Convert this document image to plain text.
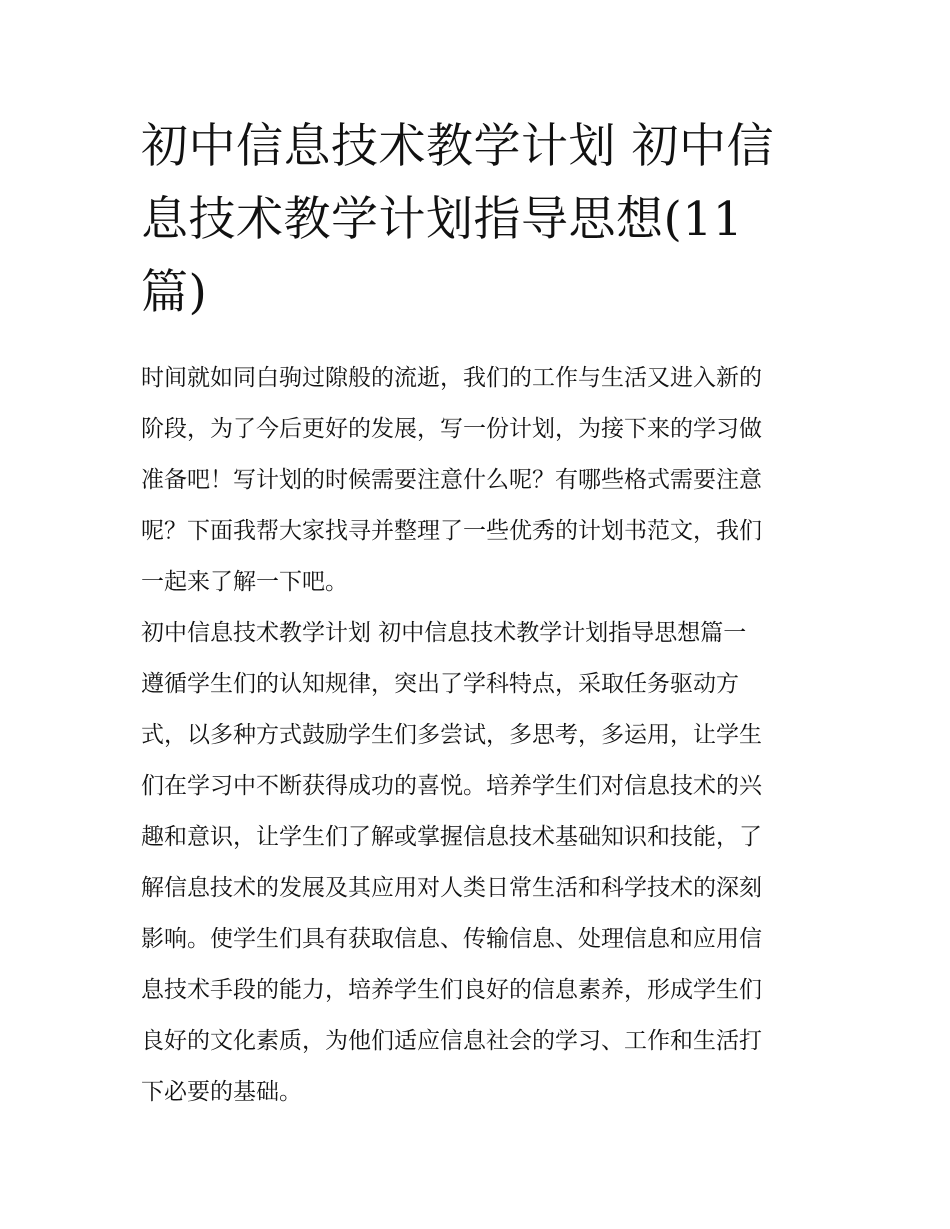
初中信息技术教学计划 初中信
息技术教学计划指导思想(11
篇)

时间就如同白驹过隙般的流逝，我们的工作与生活又进入新的
阶段，为了今后更好的发展，写一份计划，为接下来的学习做
准备吧！写计划的时候需要注意什么呢？有哪些格式需要注意
呢？下面我帮大家找寻并整理了一些优秀的计划书范文，我们
一起来了解一下吧。

初中信息技术教学计划 初中信息技术教学计划指导思想篇一

遵循学生们的认知规律，突出了学科特点，采取任务驱动方
式，以多种方式鼓励学生们多尝试，多思考，多运用，让学生
们在学习中不断获得成功的喜悦。培养学生们对信息技术的兴
趣和意识，让学生们了解或掌握信息技术基础知识和技能，了
解信息技术的发展及其应用对人类日常生活和科学技术的深刻
影响。使学生们具有获取信息、传输信息、处理信息和应用信
息技术手段的能力，培养学生们良好的信息素养，形成学生们
良好的文化素质，为他们适应信息社会的学习、工作和生活打
下必要的基础。
